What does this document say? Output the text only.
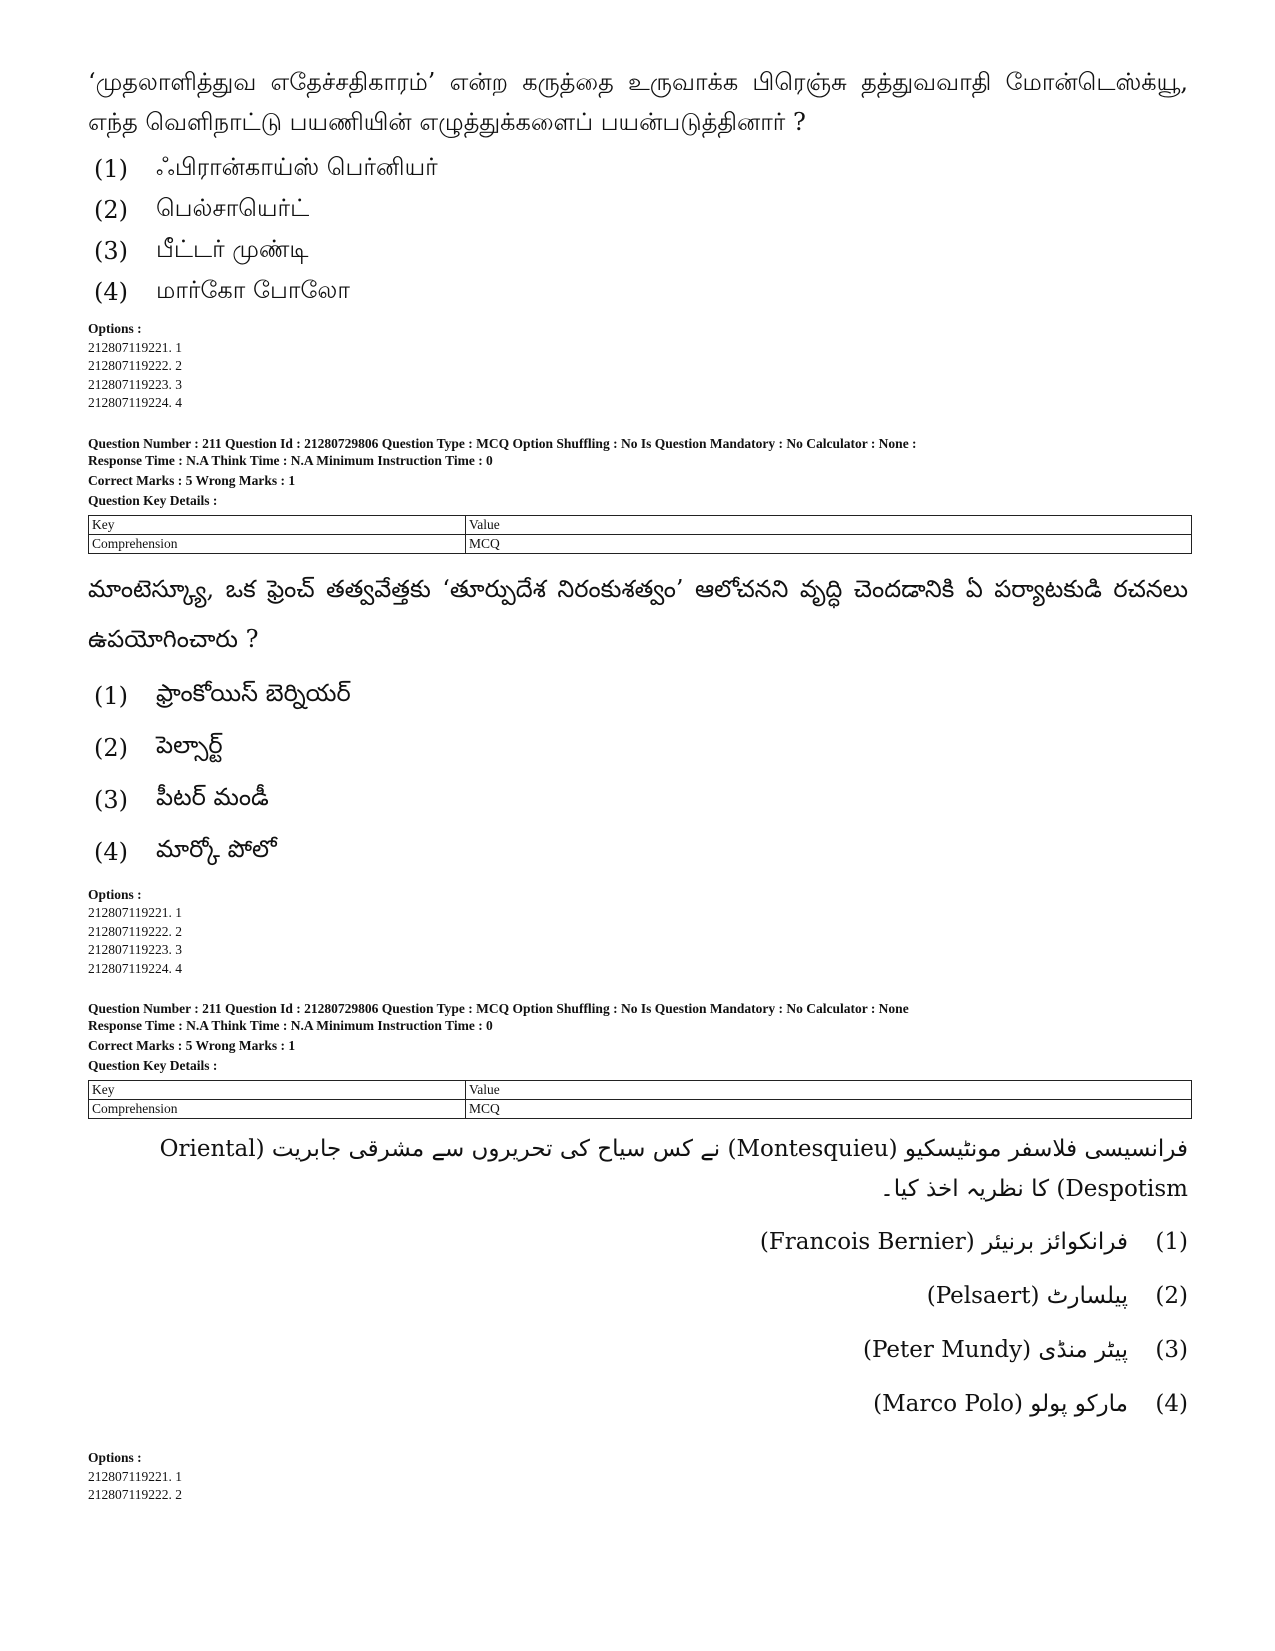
‘முதலாளித்துவ எதேச்சதிகாரம்’ என்ற கருத்தை உருவாக்க பிரெஞ்சு தத்துவவாதி மோன்டெஸ்க்யூ, எந்த வெளிநாட்டு பயணியின் எழுத்துக்களைப் பயன்படுத்தினார் ?

(1)	ஃபிரான்காய்ஸ் பெர்னியர்
(2)	பெல்சாயெர்ட்
(3)	பீட்டர் முண்டி
(4)	மார்கோ போலோ
Options :
212807119221. 1
212807119222. 2
212807119223. 3
212807119224. 4
Question Number : 211 Question Id : 21280729806 Question Type : MCQ Option Shuffling : No Is Question Mandatory : No Calculator : None :
Response Time : N.A Think Time : N.A Minimum Instruction Time : 0
Correct Marks : 5 Wrong Marks : 1
Question Key Details :
Key	Value
Comprehension	MCQ

మాంటెస్క్యూ, ఒక ఫ్రెంచ్ తత్వవేత్తకు ‘తూర్పుదేశ నిరంకుశత్వం’ ఆలోచనని వృద్ధి చెందడానికి ఏ పర్యాటకుడి రచనలు ఉపయోగించారు ?

(1)	ఫ్రాంకోయిస్ బెర్నియర్
(2)	పెల్సార్ట్
(3)	పీటర్ మండీ
(4)	మార్కో పోలో
Options :
212807119221. 1
212807119222. 2
212807119223. 3
212807119224. 4
Question Number : 211 Question Id : 21280729806 Question Type : MCQ Option Shuffling : No Is Question Mandatory : No Calculator : None
Response Time : N.A Think Time : N.A Minimum Instruction Time : 0
Correct Marks : 5 Wrong Marks : 1
Question Key Details :
Key	Value
Comprehension	MCQ

فرانسیسی فلاسفر مونٹیسکیو (Montesquieu) نے کس سیاح کی تحریروں سے مشرقی جابریت (Oriental Despotism) کا نظریہ اخذ کیا۔

(1)
فرانکوائز برنیئر (Francois Bernier)
(2)
پیلسارٹ (Pelsaert)
(3)
پیٹر منڈی (Peter Mundy)
(4)
مارکو پولو (Marco Polo)
Options :
212807119221. 1
212807119222. 2
